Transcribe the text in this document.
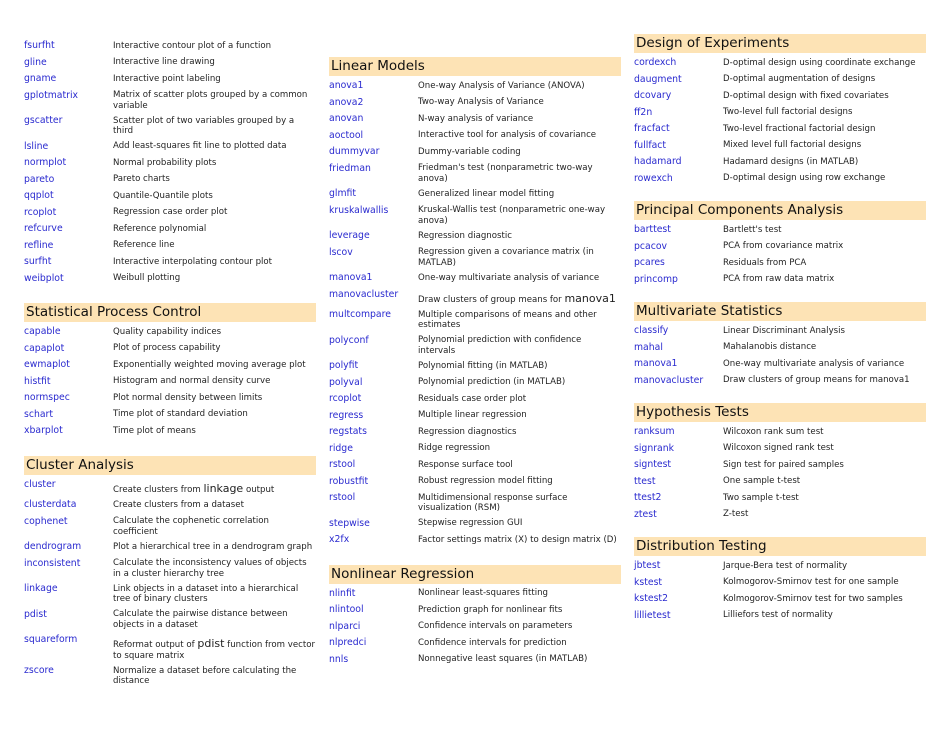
fsurfht	Interactive contour plot of a function
gline	Interactive line drawing
gname	Interactive point labeling
gplotmatrix	Matrix of scatter plots grouped by a common variable
gscatter	Scatter plot of two variables grouped by a third
lsline	Add least-squares fit line to plotted data
normplot	Normal probability plots
pareto	Pareto charts
qqplot	Quantile-Quantile plots
rcoplot	Regression case order plot
refcurve	Reference polynomial
refline	Reference line
surfht	Interactive interpolating contour plot
weibplot	Weibull plotting
Statistical Process Control
capable	Quality capability indices
capaplot	Plot of process capability
ewmaplot	Exponentially weighted moving average plot
histfit	Histogram and normal density curve
normspec	Plot normal density between limits
schart	Time plot of standard deviation
xbarplot	Time plot of means
Cluster Analysis
cluster	Create clusters from linkage output
clusterdata	Create clusters from a dataset
cophenet	Calculate the cophenetic correlation coefficient
dendrogram	Plot a hierarchical tree in a dendrogram graph
inconsistent	Calculate the inconsistency values of objects in a cluster hierarchy tree
linkage	Link objects in a dataset into a hierarchical tree of binary clusters
pdist	Calculate the pairwise distance between objects in a dataset
squareform	Reformat output of pdist function from vector to square matrix
zscore	Normalize a dataset before calculating the distance
Linear Models
anova1	One-way Analysis of Variance (ANOVA)
anova2	Two-way Analysis of Variance
anovan	N-way analysis of variance
aoctool	Interactive tool for analysis of covariance
dummyvar	Dummy-variable coding
friedman	Friedman's test (nonparametric two-way anova)
glmfit	Generalized linear model fitting
kruskalwallis	Kruskal-Wallis test (nonparametric one-way anova)
leverage	Regression diagnostic
lscov	Regression given a covariance matrix (in MATLAB)
manova1	One-way multivariate analysis of variance
manovacluster	Draw clusters of group means for manova1
multcompare	Multiple comparisons of means and other estimates
polyconf	Polynomial prediction with confidence intervals
polyfit	Polynomial fitting (in MATLAB)
polyval	Polynomial prediction (in MATLAB)
rcoplot	Residuals case order plot
regress	Multiple linear regression
regstats	Regression diagnostics
ridge	Ridge regression
rstool	Response surface tool
robustfit	Robust regression model fitting
rstool	Multidimensional response surface visualization (RSM)
stepwise	Stepwise regression GUI
x2fx	Factor settings matrix (X) to design matrix (D)
Nonlinear Regression
nlinfit	Nonlinear least-squares fitting
nlintool	Prediction graph for nonlinear fits
nlparci	Confidence intervals on parameters
nlpredci	Confidence intervals for prediction
nnls	Nonnegative least squares (in MATLAB)
Design of Experiments
cordexch	D-optimal design using coordinate exchange
daugment	D-optimal augmentation of designs
dcovary	D-optimal design with fixed covariates
ff2n	Two-level full factorial designs
fracfact	Two-level fractional factorial design
fullfact	Mixed level full factorial designs
hadamard	Hadamard designs (in MATLAB)
rowexch	D-optimal design using row exchange
Principal Components Analysis
barttest	Bartlett's test
pcacov	PCA from covariance matrix
pcares	Residuals from PCA
princomp	PCA from raw data matrix
Multivariate Statistics
classify	Linear Discriminant Analysis
mahal	Mahalanobis distance
manova1	One-way multivariate analysis of variance
manovacluster	Draw clusters of group means for manova1
Hypothesis Tests
ranksum	Wilcoxon rank sum test
signrank	Wilcoxon signed rank test
signtest	Sign test for paired samples
ttest	One sample t-test
ttest2	Two sample t-test
ztest	Z-test
Distribution Testing
jbtest	Jarque-Bera test of normality
kstest	Kolmogorov-Smirnov test for one sample
kstest2	Kolmogorov-Smirnov test for two samples
lillietest	Lilliefors test of normality
